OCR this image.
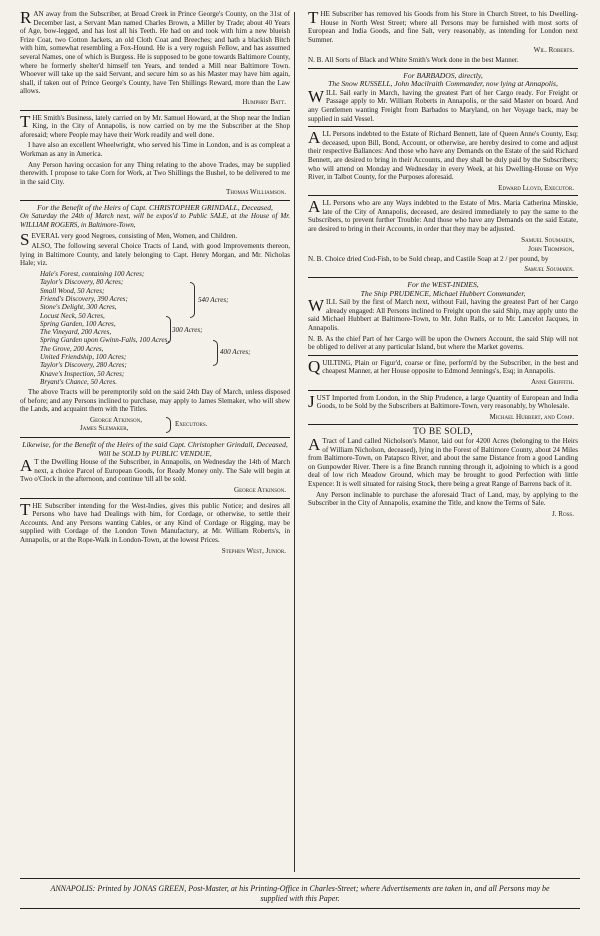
RAN away from the Subscriber, at Broad Creek in Prince George's County, on the 31st of December last, a Servant Man named Charles Brown, a Miller by Trade; about 40 Years of Age, bow-legged, and has lost all his Teeth. He had on and took with him a new blueish Frize Coat, two Cotton Jackets, an old Cloth Coat and Breeches; and hath a blackish Bitch with him, somewhat resembling a Fox-Hound. He is a very roguish Fellow, and has assumed several Names, one of which is Burgess. He is supposed to be gone towards Baltimore County, where he formerly shelter'd himself ten Years, and tended a Mill near Baltimore Town. Whoever will take up the said Servant, and secure him so as his Master may have him again, shall, if taken out of Prince George's County, have Ten Shillings Reward, more than the Law allows.

Humphry Batt.

THE Smith's Business, lately carried on by Mr. Samuel Howard, at the Shop near the Indian King, in the City of Annapolis, is now carried on by me the Subscriber at the Shop aforesaid; where People may have their Work readily and well done.

I have also an excellent Wheelwright, who served his Time in London, and is as compleat a Workman as any in America.

Any Person having occasion for any Thing relating to the above Trades, may be supplied therewith. I propose to take Corn for Work, at Two Shillings the Bushel, to be delivered to me in the said City.

Thomas Williamson.
For the Benefit of the Heirs of Capt. CHRISTOPHER GRINDALL, Deceased,

On Saturday the 24th of March next, will be expos'd to Public SALE, at the House of Mr. WILLIAM ROGERS, in Baltimore-Town,

SEVERAL very good Negroes, consisting of Men, Women, and Children.

ALSO, The following several Choice Tracts of Land, with good Improvements thereon, lying in Baltimore County, and lately belonging to Capt. Henry Morgan, and Mr. Nicholas Hale; viz.

Hale's Forest, containing 100 Acres;
Taylor's Discovery, 80 Acres;
Small Wood, 50 Acres;
Friend's Discovery, 390 Acres;
Stone's Delight, 300 Acres,
Locust Neck, 50 Acres,
Spring Garden, 100 Acres,
The Vineyard, 200 Acres,
Spring Garden upon Gwinn-Falls, 100 Acres,
The Grove, 200 Acres,
United Friendship, 100 Acres;
Taylor's Discovery, 280 Acres;
Knave's Inspection, 50 Acres;
Bryant's Chance, 50 Acres.
540 Acres;
300 Acres;
400 Acres;

The above Tracts will be peremptorily sold on the said 24th Day of March, unless disposed of before; and any Persons inclined to purchase, may apply to James Slemaker, who will shew the Lands, and acquaint them with the Titles.

George Atkinson,
James Slemaker,	Executors.
Likewise, for the Benefit of the Heirs of the said Capt. Christopher Grindall, Deceased,
Will be SOLD by PUBLIC VENDUE,

AT the Dwelling House of the Subscriber, in Annapolis, on Wednesday the 14th of March next, a choice Parcel of European Goods, for Ready Money only. The Sale will begin at Two o'Clock in the afternoon, and continue 'till all be sold.

George Atkinson.

THE Subscriber intending for the West-Indies, gives this public Notice; and desires all Persons who have had Dealings with him, for Cordage, or otherwise, to settle their Accounts. And any Persons wanting Cables, or any Kind of Cordage or Rigging, may be supplied with Cordage of the London Town Manufactury, at Mr. William Roberts's, in Annapolis, or at the Rope-Walk in London-Town, at the lowest Prices.

Stephen West, Junior.

THE Subscriber has removed his Goods from his Store in Church Street, to his Dwelling-House in North West Street; where all Persons may be furnished with most sorts of European and India Goods, and fine Salt, very reasonably, as intending for London next Summer.

Wil. Roberts.

N. B. All Sorts of Black and White Smith's Work done in the best Manner.

For BARBADOS, directly,
The Snow RUSSELL, John Macilraith Commander, now lying at Annapolis,

WILL Sail early in March, having the greatest Part of her Cargo ready. For Freight or Passage apply to Mr. William Roberts in Annapolis, or the said Master on board. And any Gentlemen wanting Freight from Barbados to Maryland, on her Voyage back, may be supplied in said Vessel.

ALL Persons indebted to the Estate of Richard Bennett, late of Queen Anne's County, Esq; deceased, upon Bill, Bond, Account, or otherwise, are hereby desired to come and adjust their respective Ballances: And those who have any Demands on the Estate of the said Richard Bennett, are desired to bring in their Accounts, and they shall be duly paid by the Subscribers; who will attend on Monday and Wednesday in every Week, at his Dwelling-House on Wye River, in Talbot County, for the Purposes aforesaid.

Edward Lloyd, Executor.

ALL Persons who are any Ways indebted to the Estate of Mrs. Maria Catherina Minskie, late of the City of Annapolis, deceased, are desired immediately to pay the same to the Subscribers, to prevent further Trouble: And those who have any Demands on the said Estate, are desired to bring in their Accounts, in order that they may be adjusted.

Samuel Soumaien,
John Thompson,

N. B. Choice dried Cod-Fish, to be Sold cheap, and Castile Soap at 2 / per pound, by

Samuel Soumaien.
For the WEST-INDIES,
The Ship PRUDENCE, Michael Hubbert Commander,

WILL Sail by the first of March next, without Fail, having the greatest Part of her Cargo already engaged: All Persons inclined to Freight upon the said Ship, may apply unto the said Michael Hubbert at Baltimore-Town, to Mr. John Ralls, or to Mr. Lancelot Jacques, in Annapolis.

N. B. As the chief Part of her Cargo will be upon the Owners Account, the said Ship will not be obliged to deliver at any particular Island, but where the Market governs.

QUILTING, Plain or Figur'd, coarse or fine, perform'd by the Subscriber, in the best and cheapest Manner, at her House opposite to Edmond Jennings's, Esq; in Annapolis.

Anne Griffith.

JUST Imported from London, in the Ship Prudence, a large Quantity of European and India Goods, to be Sold by the Subscribers at Baltimore-Town, very reasonably, by Wholesale.

Michael Hubbert, and Comp.
TO BE SOLD,

ATract of Land called Nicholson's Manor, laid out for 4200 Acres (belonging to the Heirs of William Nicholson, deceased), lying in the Forest of Baltimore County, about 24 Miles from Baltimore-Town, on Patapsco River, and about the same Distance from a good Landing on Gunpowder River. There is a fine Branch running through it, adjoining to which is a good deal of low rich Meadow Ground, which may be brought to good Perfection with little Expence: It is well situated for raising Stock, there being a great Range of Barrens back of it.

Any Person inclinable to purchase the aforesaid Tract of Land, may, by applying to the Subscriber in the City of Annapolis, examine the Title, and know the Terms of Sale.

J. Ross.
ANNAPOLIS: Printed by JONAS GREEN, Post-Master, at his Printing-Office in Charles-Street; where Advertisements are taken in, and all Persons may be supplied with this Paper.
